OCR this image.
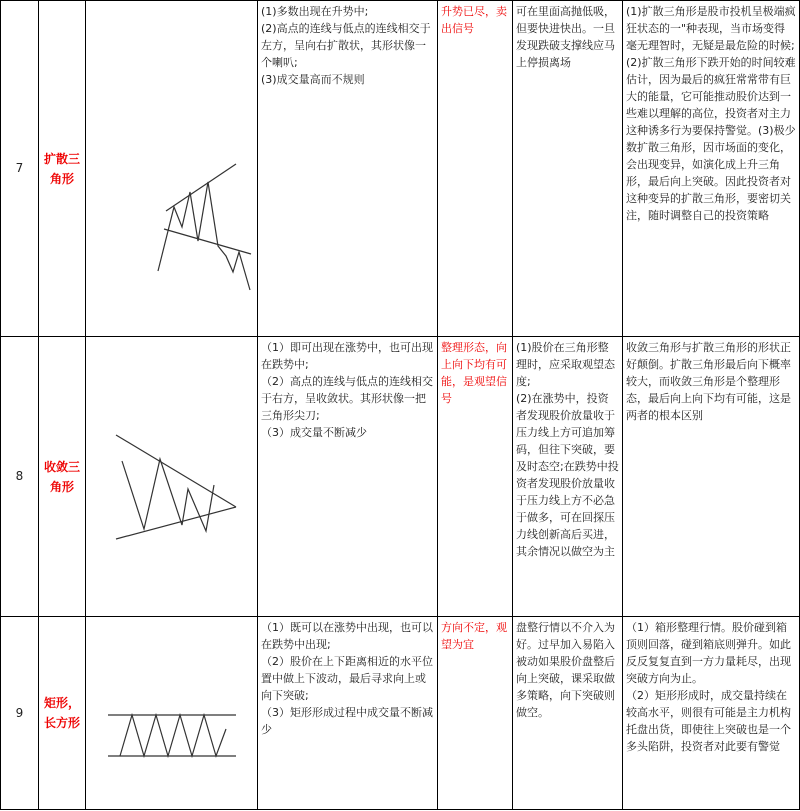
7	扩散三角形		(1)多数出现在升势中;
(2)高点的连线与低点的连线相交于左方，呈向右扩散状，其形状像一个喇叭;
(3)成交量高而不规则	升势已尽，卖出信号	可在里面高抛低吸，但要快进快出。一旦发现跌破支撑线应马上停损离场	(1)扩散三角形是股市投机呈极端疯狂状态的一"种表现，当市场变得毫无理智时，无疑是最危险的时候;
(2)扩散三角形下跌开始的时间较难估计，因为最后的疯狂常常带有巨大的能量，它可能推动股价达到一些难以理解的高位，投资者对主力这种诱多行为要保持警觉。(3)极少数扩散三角形，因市场面的变化，会出现变异，如演化成上升三角形，最后向上突破。因此投资者对这种变异的扩散三角形，要密切关注，随时调整自己的投资策略

8	收敛三角形		（1）即可出现在涨势中，也可出现在跌势中;
（2）高点的连线与低点的连线相交于右方，呈收敛状。其形状像一把三角形尖刀;
（3）成交量不断减少	整理形态，向上向下均有可能，是观望信号	(1)股价在三角形整理时，应采取观望态度;
(2)在涨势中，投资者发现股价放量收于压力线上方可追加筹码，但往下突破，要及时态空;在跌势中投资者发现股价放量收于压力线上方不必急于做多，可在回探压力线创新高后买进，其余情况以做空为主	收敛三角形与扩散三角形的形状正好颠倒。扩散三角形最后向下概率较大，而收敛三角形是个整理形态，最后向上向下均有可能，这是两者的根本区别
9	矩形，长方形		（1）既可以在涨势中出现，也可以在跌势中出现;
（2）股价在上下距离相近的水平位置中做上下波动，最后寻求向上或向下突破;
（3）矩形形成过程中成交量不断减少	方向不定，观望为宜	盘整行情以不介入为好。过早加入易陷入被动如果股价盘整后向上突破，课采取做多策略，向下突破则做空。	（1）箱形整理行情。股价碰到箱顶则回落，碰到箱底则弹升。如此反反复复直到一方力量耗尽，出现突破方向为止。
（2）矩形形成时，成交量持续在较高水平，则很有可能是主力机构托盘出货，即使往上突破也是一个多头陷阱，投资者对此要有警觉
